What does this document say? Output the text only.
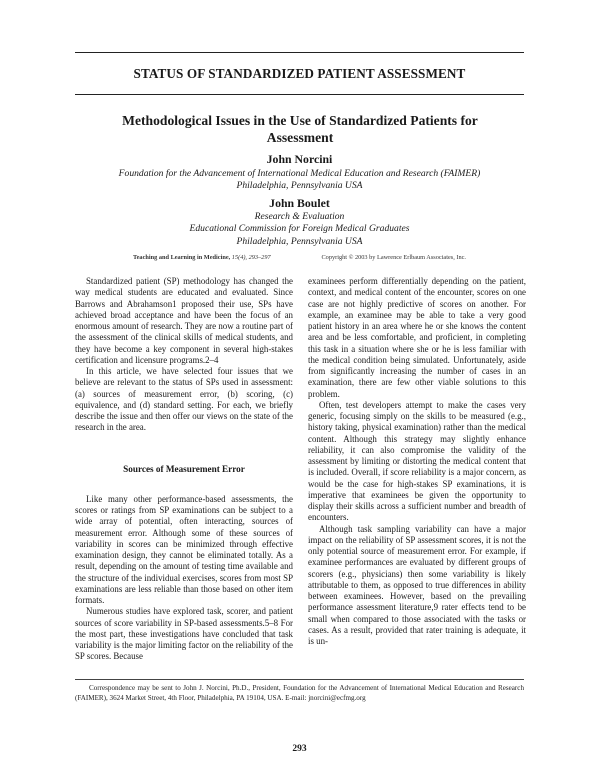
STATUS OF STANDARDIZED PATIENT ASSESSMENT
Methodological Issues in the Use of Standardized Patients for Assessment
John Norcini
Foundation for the Advancement of International Medical Education and Research (FAIMER)
Philadelphia, Pennsylvania USA
John Boulet
Research & Evaluation
Educational Commission for Foreign Medical Graduates
Philadelphia, Pennsylvania USA
Teaching and Learning in Medicine, 15(4), 293–297	Copyright © 2003 by Lawrence Erlbaum Associates, Inc.

Standardized patient (SP) methodology has changed the way medical students are educated and evaluated. Since Barrows and Abrahamson1 proposed their use, SPs have achieved broad acceptance and have been the focus of an enormous amount of research. They are now a routine part of the assessment of the clinical skills of medical students, and they have become a key component in several high-stakes certification and licensure programs.2–4

In this article, we have selected four issues that we believe are relevant to the status of SPs used in assessment: (a) sources of measurement error, (b) scoring, (c) equivalence, and (d) standard setting. For each, we briefly describe the issue and then offer our views on the state of the research in the area.

Sources of Measurement Error

Like many other performance-based assessments, the scores or ratings from SP examinations can be subject to a wide array of potential, often interacting, sources of measurement error. Although some of these sources of variability in scores can be minimized through effective examination design, they cannot be eliminated totally. As a result, depending on the amount of testing time available and the structure of the individual exercises, scores from most SP examinations are less reliable than those based on other item formats.

Numerous studies have explored task, scorer, and patient sources of score variability in SP-based assessments.5–8 For the most part, these investigations have concluded that task variability is the major limiting factor on the reliability of the SP scores. Because

examinees perform differentially depending on the patient, context, and medical content of the encounter, scores on one case are not highly predictive of scores on another. For example, an examinee may be able to take a very good patient history in an area where he or she knows the content area and be less comfortable, and proficient, in completing this task in a situation where she or he is less familiar with the medical condition being simulated. Unfortunately, aside from significantly increasing the number of cases in an examination, there are few other viable solutions to this problem.

Often, test developers attempt to make the cases very generic, focusing simply on the skills to be measured (e.g., history taking, physical examination) rather than the medical content. Although this strategy may slightly enhance reliability, it can also compromise the validity of the assessment by limiting or distorting the medical content that is included. Overall, if score reliability is a major concern, as would be the case for high-stakes SP examinations, it is imperative that examinees be given the opportunity to display their skills across a sufficient number and breadth of encounters.

Although task sampling variability can have a major impact on the reliability of SP assessment scores, it is not the only potential source of measurement error. For example, if examinee performances are evaluated by different groups of scorers (e.g., physicians) then some variability is likely attributable to them, as opposed to true differences in ability between examinees. However, based on the prevailing performance assessment literature,9 rater effects tend to be small when compared to those associated with the tasks or cases. As a result, provided that rater training is adequate, it is un-

Correspondence may be sent to John J. Norcini, Ph.D., President, Foundation for the Advancement of International Medical Education and Research (FAIMER), 3624 Market Street, 4th Floor, Philadelphia, PA 19104, USA. E-mail: jnorcini@ecfmg.org
293
